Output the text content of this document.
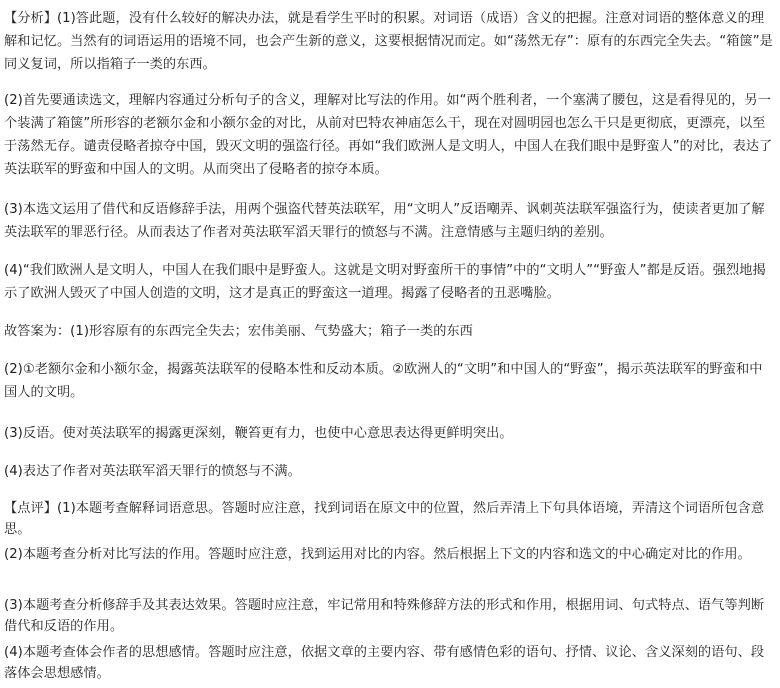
【分析】(1)答此题，没有什么较好的解决办法，就是看学生平时的积累。对词语（成语）含义的把握。注意对词语的整体意义的理解和记忆。当然有的词语运用的语境不同，也会产生新的意义，这要根据情况而定。如“荡然无存”：原有的东西完全失去。“箱箧”是同义复词，所以指箱子一类的东西。

(2)首先要通读选文，理解内容通过分析句子的含义，理解对比写法的作用。如“两个胜利者，一个塞满了腰包，这是看得见的，另一个装满了箱箧”所形容的老额尔金和小额尔金的对比，从前对巴特农神庙怎么干，现在对圆明园也怎么干只是更彻底，更漂亮，以至于荡然无存。谴责侵略者掠夺中国，毁灭文明的强盗行径。再如“我们欧洲人是文明人，中国人在我们眼中是野蛮人”的对比，表达了英法联军的野蛮和中国人的文明。从而突出了侵略者的掠夺本质。

(3)本选文运用了借代和反语修辞手法，用两个强盗代替英法联军，用“文明人”反语嘲弄、讽刺英法联军强盗行为，使读者更加了解英法联军的罪恶行径。从而表达了作者对英法联军滔天罪行的愤怒与不满。注意情感与主题归纳的差别。

(4)“我们欧洲人是文明人，中国人在我们眼中是野蛮人。这就是文明对野蛮所干的事情”中的“文明人”“野蛮人”都是反语。强烈地揭示了欧洲人毁灭了中国人创造的文明，这才是真正的野蛮这一道理。揭露了侵略者的丑恶嘴脸。

故答案为：(1)形容原有的东西完全失去；宏伟美丽、气势盛大；箱子一类的东西

(2)①老额尔金和小额尔金，揭露英法联军的侵略本性和反动本质。②欧洲人的“文明”和中国人的“野蛮”，揭示英法联军的野蛮和中国人的文明。

(3)反语。使对英法联军的揭露更深刻，鞭笞更有力，也使中心意思表达得更鲜明突出。

(4)表达了作者对英法联军滔天罪行的愤怒与不满。

【点评】(1)本题考查解释词语意思。答题时应注意，找到词语在原文中的位置，然后弄清上下句具体语境，弄清这个词语所包含意思。

(2)本题考查分析对比写法的作用。答题时应注意，找到运用对比的内容。然后根据上下文的内容和选文的中心确定对比的作用。

(3)本题考查分析修辞手及其表达效果。答题时应注意，牢记常用和特殊修辞方法的形式和作用，根据用词、句式特点、语气等判断借代和反语的作用。

(4)本题考查体会作者的思想感情。答题时应注意，依据文章的主要内容、带有感情色彩的语句、抒情、议论、含义深刻的语句、段落体会思想感情。
